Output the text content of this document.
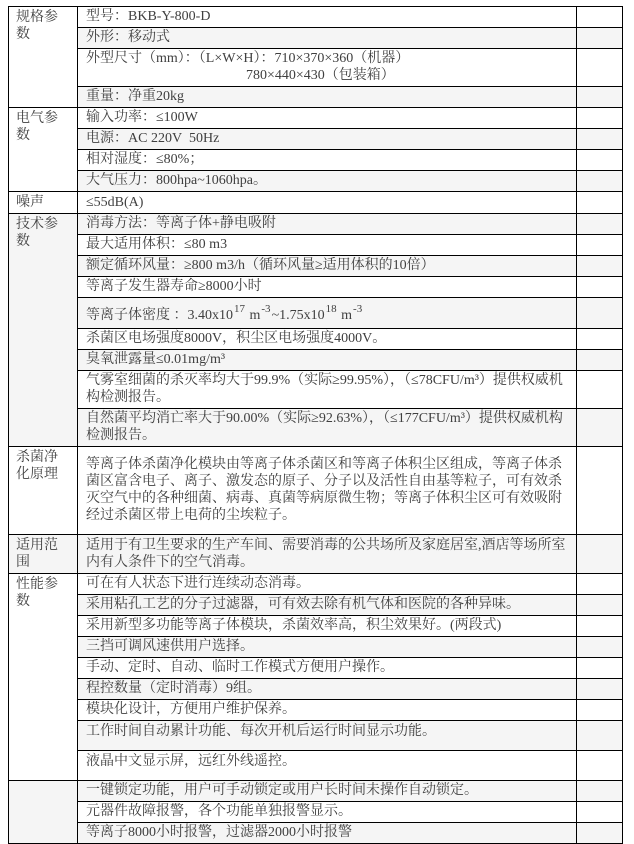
规格参数	型号：BKB-Y-800-D	
	外形：移动式	

	外型尺寸（mm）：（L×W×H）：710×370×360（机器）
780×440×430（包装箱）	

	重量：净重20kg	
电气参数	输入功率：≤100W	
	电源：AC 220V  50Hz	
	相对湿度：≤80%；	
	大气压力：800hpa~1060hpa。	
噪声	≤55dB(A)	
技术参数	消毒方法：等离子体+静电吸附	
	最大适用体积：≤80 m3	
	额定循环风量：≥800 m3/h（循环风量≥适用体积的10倍）	
	等离子发生器寿命≥8000小时	
	等离子体密度 ：$3.40x10^{17}$ $m^{-3}\sim 1.75x10^{18}$ $m^{-3}$	
	杀菌区电场强度8000V，积尘区电场强度4000V。	
	臭氧泄露量≤0.01mg/m³	
	气雾室细菌的杀灭率均大于99.9%（实际≥99.95%），（≤78CFU/m³）提供权威机构检测报告。	
	自然菌平均消亡率大于90.00%（实际≥92.63%），（≤177CFU/m³）提供权威机构检测报告。	
杀菌净化原理	等离子体杀菌净化模块由等离子体杀菌区和等离子体积尘区组成，等离子体杀菌区富含电子、离子、激发态的原子、分子以及活性自由基等粒子，可有效杀灭空气中的各种细菌、病毒、真菌等病原微生物；等离子体积尘区可有效吸附经过杀菌区带上电荷的尘埃粒子。	
适用范围	适用于有卫生要求的生产车间、需要消毒的公共场所及家庭居室,酒店等场所室内有人条件下的空气消毒。	
性能参数	可在有人状态下进行连续动态消毒。	
	采用粘孔工艺的分子过滤器，可有效去除有机气体和医院的各种异味。	
	采用新型多功能等离子体模块，杀菌效率高，积尘效果好。(两段式)	
	三挡可调风速供用户选择。	
	手动、定时、自动、临时工作模式方便用户操作。	
	程控数量（定时消毒）9组。	
	模块化设计，方便用户维护保养。	
	工作时间自动累计功能、每次开机后运行时间显示功能。	
	液晶中文显示屏，远红外线遥控。	
	一键锁定功能，用户可手动锁定或用户长时间未操作自动锁定。	
	元器件故障报警，各个功能单独报警显示。	
	等离子8000小时报警，过滤器2000小时报警	
